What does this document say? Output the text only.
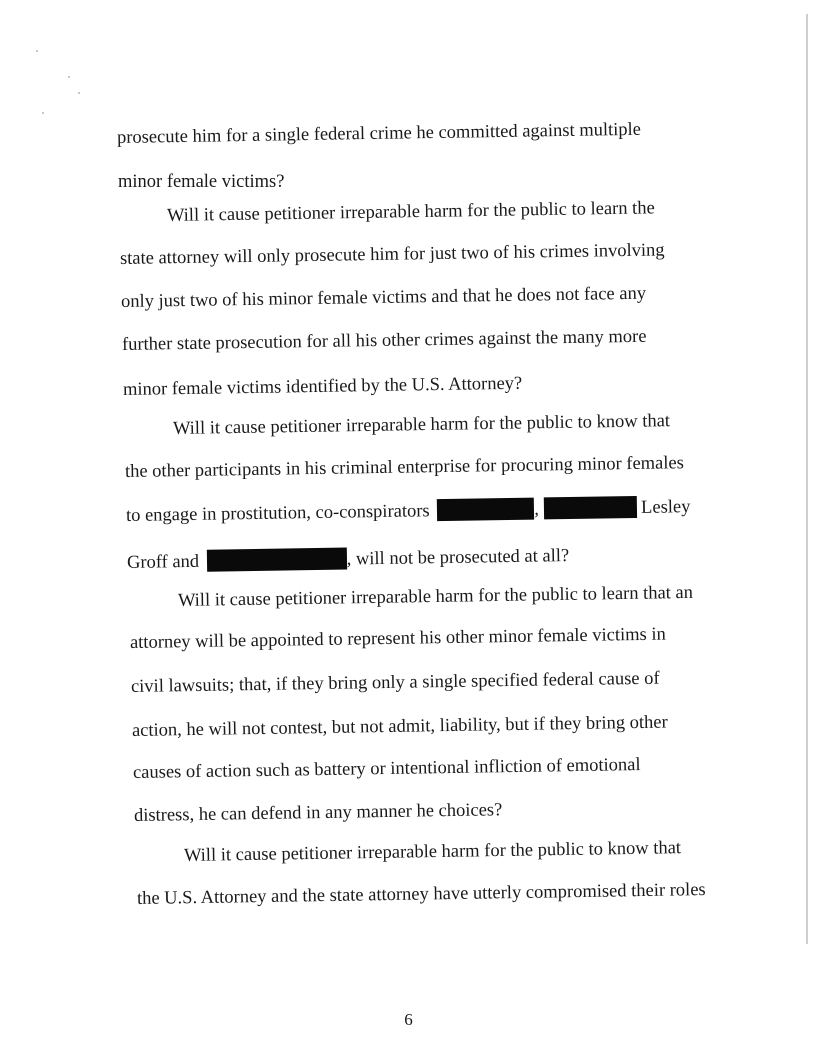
prosecute him for a single federal crime he committed against multiple
minor female victims?
Will it cause petitioner irreparable harm for the public to learn the
state attorney will only prosecute him for just two of his crimes involving
only just two of his minor female victims and that he does not face any
further state prosecution for all his other crimes against the many more
minor female victims identified by the U.S. Attorney?
Will it cause petitioner irreparable harm for the public to know that
the other participants in his criminal enterprise for procuring minor females
to engage in prostitution, co-conspirators	,	Lesley
Groff and	, will not be prosecuted at all?
Will it cause petitioner irreparable harm for the public to learn that an
attorney will be appointed to represent his other minor female victims in
civil lawsuits; that, if they bring only a single specified federal cause of
action, he will not contest, but not admit, liability, but if they bring other
causes of action such as battery or intentional infliction of emotional
distress, he can defend in any manner he choices?
Will it cause petitioner irreparable harm for the public to know that
the U.S. Attorney and the state attorney have utterly compromised their roles
6
